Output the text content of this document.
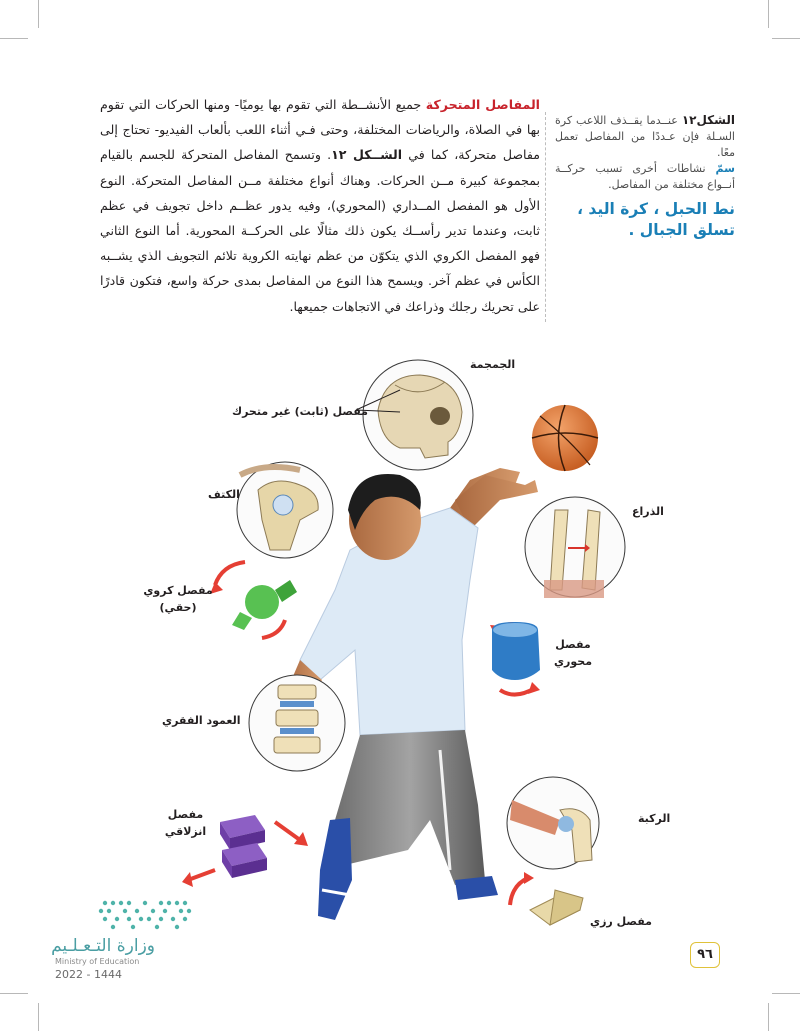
المفاصل المتحركة جميع الأنشــطة التي تقوم بها يوميًا- ومنها الحركات التي تقوم بها في الصلاة، والرياضات المختلفة، وحتى فـي أثناء اللعب بألعاب الفيديو- تحتاج إلى مفاصل متحركة، كما في الشــكل ١٢. وتسمح المفاصل المتحركة للجسم بالقيام بمجموعة كبيرة مــن الحركات. وهناك أنواع مختلفة مــن المفاصل المتحركة. النوع الأول هو المفصل المــداري (المحوري)، وفيه يدور عظــم داخل تجويف في عظم ثابت، وعندما تدير رأســك يكون ذلك مثالًا على الحركــة المحورية. أما النوع الثاني فهو المفصل الكروي الذي يتكوّن من عظم نهايته الكروية تلائم التجويف الذي يشــبه الكأس في عظم آخر. ويسمح هذا النوع من المفاصل بمدى حركة واسع، فتكون قادرًا على تحريك رجلك وذراعك في الاتجاهات جميعها.
الشكل١٢ عنــدما يقــذف اللاعب كرة السـلة فإن عـددًا من المفاصل تعمل معًا.
سمّ نشاطات أخرى تسبب حركــة أنــواع مختلفة من المفاصل.
نط الحبل ، كرة اليد ، تسلق الجبال .
الجمجمة
مفصل (ثابت) غير متحرك
الكتف
مفصل كروي
(حقي)
الذراع
مفصل
محوري
العمود الفقري
الركبة
مفصل
انزلاقي
مفصل رزي
وزارة التـعـلـيم
Ministry of Education
2022 - 1444
٩٦
